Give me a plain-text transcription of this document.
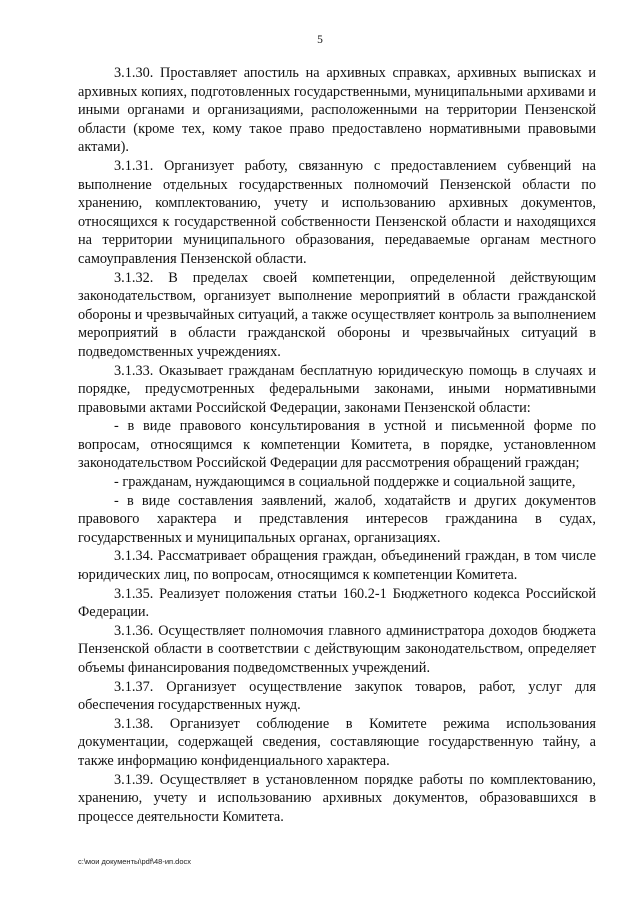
5

3.1.30. Проставляет апостиль на архивных справках, архивных выписках и архивных копиях, подготовленных государственными, муниципальными архивами и иными органами и организациями, расположенными на территории Пензенской области (кроме тех, кому такое право предоставлено нормативными правовыми актами).

3.1.31. Организует работу, связанную с предоставлением субвенций на выполнение отдельных государственных полномочий Пензенской области по хранению, комплектованию, учету и использованию архивных документов, относящихся к государственной собственности Пензенской области и находящихся на территории муниципального образования, передаваемые органам местного самоуправления Пензенской области.

3.1.32. В пределах своей компетенции, определенной действующим законодательством, организует выполнение мероприятий в области гражданской обороны и чрезвычайных ситуаций, а также осуществляет контроль за выполнением мероприятий в области гражданской обороны и чрезвычайных ситуаций в подведомственных учреждениях.

3.1.33. Оказывает гражданам бесплатную юридическую помощь в случаях и порядке, предусмотренных федеральными законами, иными нормативными правовыми актами Российской Федерации, законами Пензенской области:

- в виде правового консультирования в устной и письменной форме по вопросам, относящимся к компетенции Комитета, в порядке, установленном законодательством Российской Федерации для рассмотрения обращений граждан;

- гражданам, нуждающимся в социальной поддержке и социальной защите,

- в виде составления заявлений, жалоб, ходатайств и других документов правового характера и представления интересов гражданина в судах, государственных и муниципальных органах, организациях.

3.1.34. Рассматривает обращения граждан, объединений граждан, в том числе юридических лиц, по вопросам, относящимся к компетенции Комитета.

3.1.35. Реализует положения статьи 160.2-1 Бюджетного кодекса Российской Федерации.

3.1.36. Осуществляет полномочия главного администратора доходов бюджета Пензенской области в соответствии с действующим законодательством, определяет объемы финансирования подведомственных учреждений.

3.1.37. Организует осуществление закупок товаров, работ, услуг для обеспечения государственных нужд.

3.1.38. Организует соблюдение в Комитете режима использования документации, содержащей сведения, составляющие государственную тайну, а также информацию конфиденциального характера.

3.1.39. Осуществляет в установленном порядке работы по комплектованию, хранению, учету и использованию архивных документов, образовавшихся в процессе деятельности Комитета.

c:\мои документы\pdf\48-ип.docx
